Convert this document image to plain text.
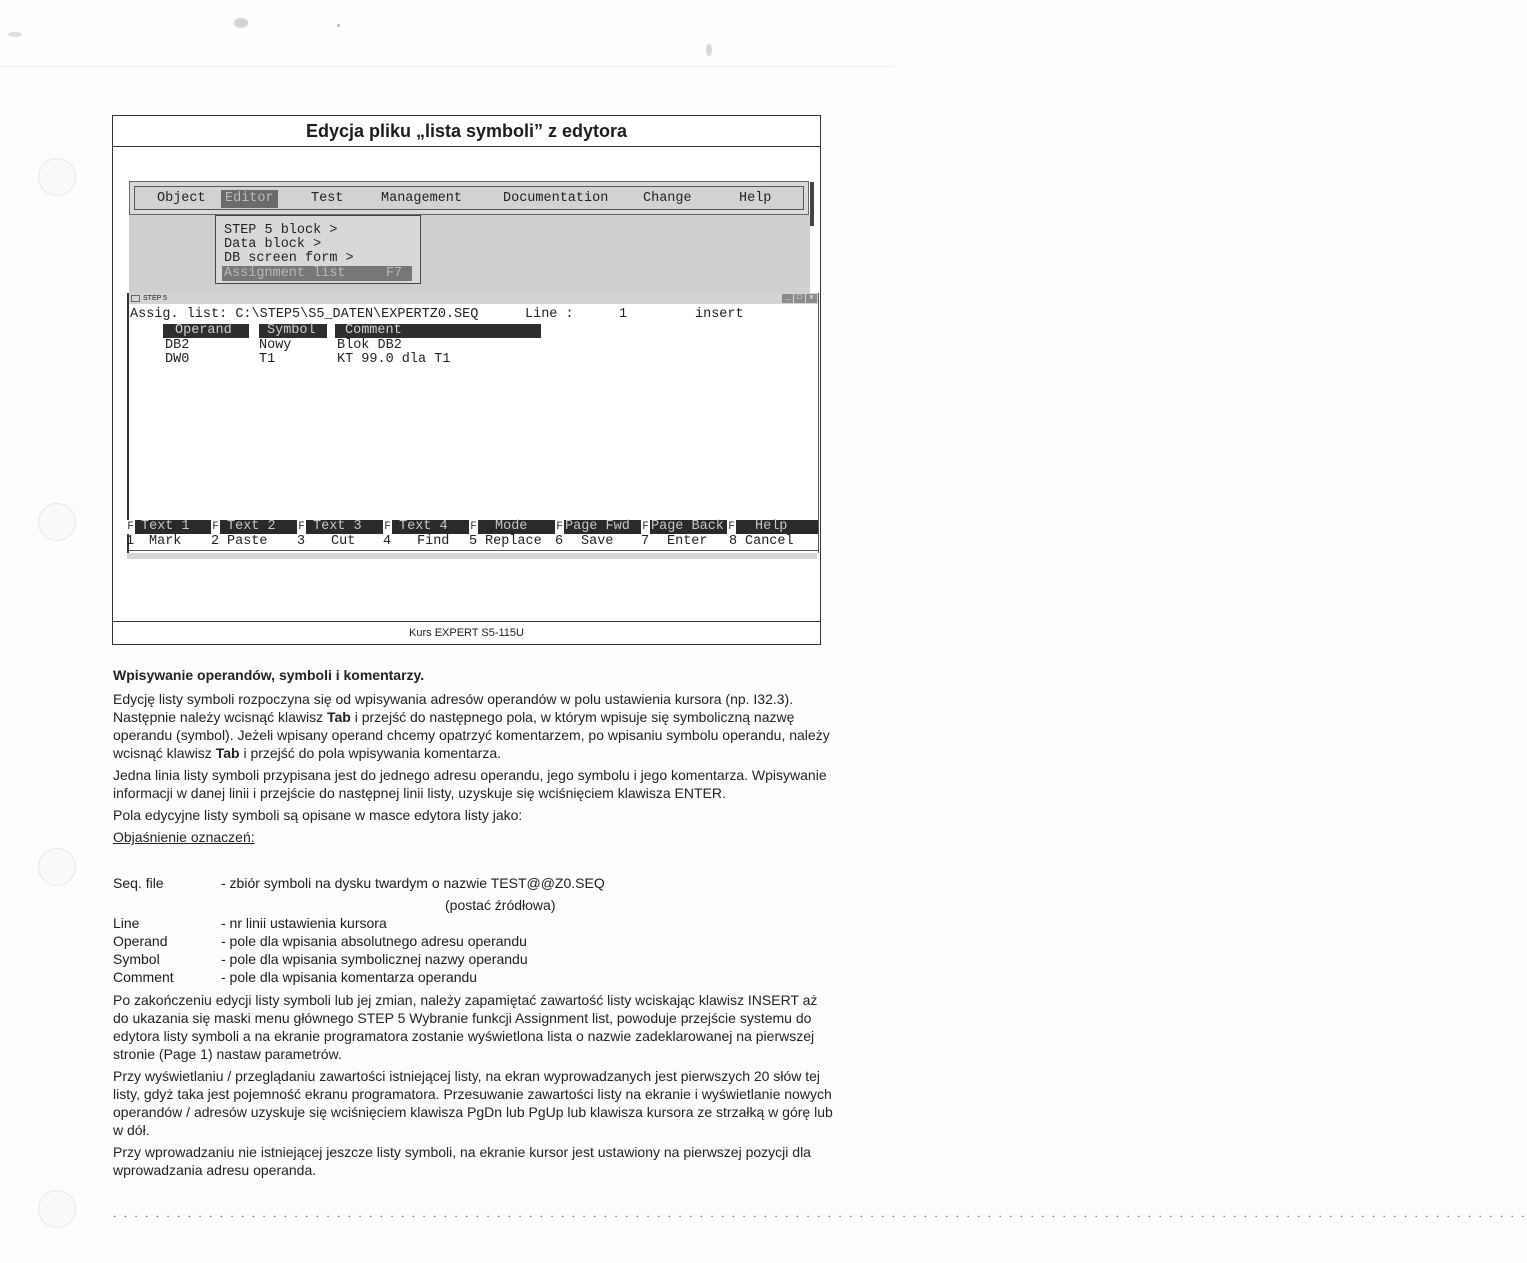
Edycja pliku „lista symboli” z edytora
Object Editor	Test	Management	Documentation	Change	Help
STEP 5 block >
Data block >
DB screen form >
Assignment list	F7
STEP 5	_	□	x
Assig. list: C:\STEP5\S5_DATEN\EXPERTZ0.SEQ	Line :	1	insert
Operand	Symbol	Comment
DB2	Nowy	Blok DB2
DW0	T1	KT 99.0 dla T1
F Text 1 F Text 2 F Text 3 F Text 4 F Mode	F Page Fwd F Page Back F Help
1 Mark 2 Paste 3 Cut 4 Find 5 Replace 6 Save 7 Enter 8 Cancel
Kurs EXPERT S5-115U

Wpisywanie operandów, symboli i komentarzy.

Edycję listy symboli rozpoczyna się od wpisywania adresów operandów w polu ustawienia kursora (np. I32.3). Następnie należy wcisnąć klawisz Tab i przejść do następnego pola, w którym wpisuje się symboliczną nazwę operandu (symbol). Jeżeli wpisany operand chcemy opatrzyć komentarzem, po wpisaniu symbolu operandu, należy wcisnąć klawisz Tab i przejść do pola wpisywania komentarza.

Jedna linia listy symboli przypisana jest do jednego adresu operandu, jego symbolu i jego komentarza. Wpisywanie informacji w danej linii i przejście do następnej linii listy, uzyskuje się wciśnięciem klawisza ENTER.

Pola edycyjne listy symboli są opisane w masce edytora listy jako:

Objaśnienie oznaczeń:

Seq. file	- zbiór symboli na dysku twardym o nazwie TEST@@Z0.SEQ
(postać źródłowa)
Line	- nr linii ustawienia kursora
Operand	- pole dla wpisania absolutnego adresu operandu
Symbol	- pole dla wpisania symbolicznej nazwy operandu
Comment	- pole dla wpisania komentarza operandu

Po zakończeniu edycji listy symboli lub jej zmian, należy zapamiętać zawartość listy wciskając klawisz INSERT aż do ukazania się maski menu głównego STEP 5 Wybranie funkcji Assignment list, powoduje przejście systemu do edytora listy symboli a na ekranie programatora zostanie wyświetlona lista o nazwie zadeklarowanej na pierwszej stronie (Page 1) nastaw parametrów.

Przy wyświetlaniu / przeglądaniu zawartości istniejącej listy, na ekran wyprowadzanych jest pierwszych 20 słów tej listy, gdyż taka jest pojemność ekranu programatora. Przesuwanie zawartości listy na ekranie i wyświetlanie nowych operandów / adresów uzyskuje się wciśnięciem klawisza PgDn lub PgUp lub klawisza kursora ze strzałką w górę lub w dół.

Przy wprowadzaniu nie istniejącej jeszcze listy symboli, na ekranie kursor jest ustawiony na pierwszej pozycji dla wprowadzania adresu operanda.

. . . . . . . . . . . . . . . . . . . . . . . . . . . . . . . . . . . . . . . . . . . . . . . . . . . . . . . . . . . . . . . . . . . . . . . . . . . . . . . . . . . . . . . . . . . . . . . . . . . . . . . . . . . . . . . . . . . . . . . . . . . . . . . . . . . . .
